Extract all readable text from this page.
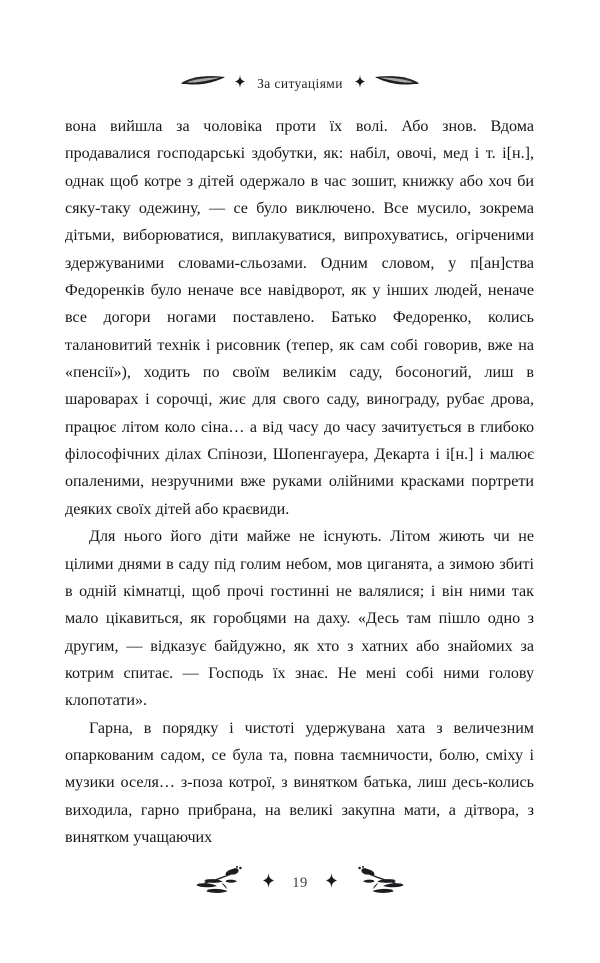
За ситуаціями

вона вийшла за чоловіка проти їх волі. Або знов. Вдома продавалися господарські здобутки, як: набіл, овочі, мед і т. і[н.], однак щоб котре з дітей одержало в час зошит, книжку або хоч би сяку-таку одежину, — се було виключено. Все мусило, зокрема дітьми, виборюватися, виплакуватися, випрохуватись, огірченими здержуваними словами-сльозами. Одним словом, у п[ан]ства Федоренків було неначе все навідворот, як у інших людей, неначе все догори ногами поставлено. Батько Федоренко, колись талановитий технік і рисовник (тепер, як сам собі говорив, вже на «пенсії»), ходить по своїм великім саду, босоногий, лиш в шароварах і сорочці, жиє для свого саду, винограду, рубає дрова, працює літом коло сіна… а від часу до часу зачитується в глибоко філософічних ділах Спінози, Шопенгауера, Декарта і і[н.] і малює опаленими, незручними вже руками олійними красками портрети деяких своїх дітей або краєвиди.

Для нього його діти майже не існують. Літом жиють чи не цілими днями в саду під голим небом, мов циганята, а зимою збиті в одній кімнатці, щоб прочі гостинні не валялися; і він ними так мало цікавиться, як горобцями на даху. «Десь там пішло одно з другим, — відказує байдужно, як хто з хатних або знайомих за котрим спитає. — Господь їх знає. Не мені собі ними голову клопотати».

Гарна, в порядку і чистоті удержувана хата з величезним опаркованим садом, се була та, повна таємничости, болю, сміху і музики оселя… з-поза котрої, з винятком батька, лиш десь-колись виходила, гарно прибрана, на великі закупна мати, а дітвора, з винятком учащаючих

19
